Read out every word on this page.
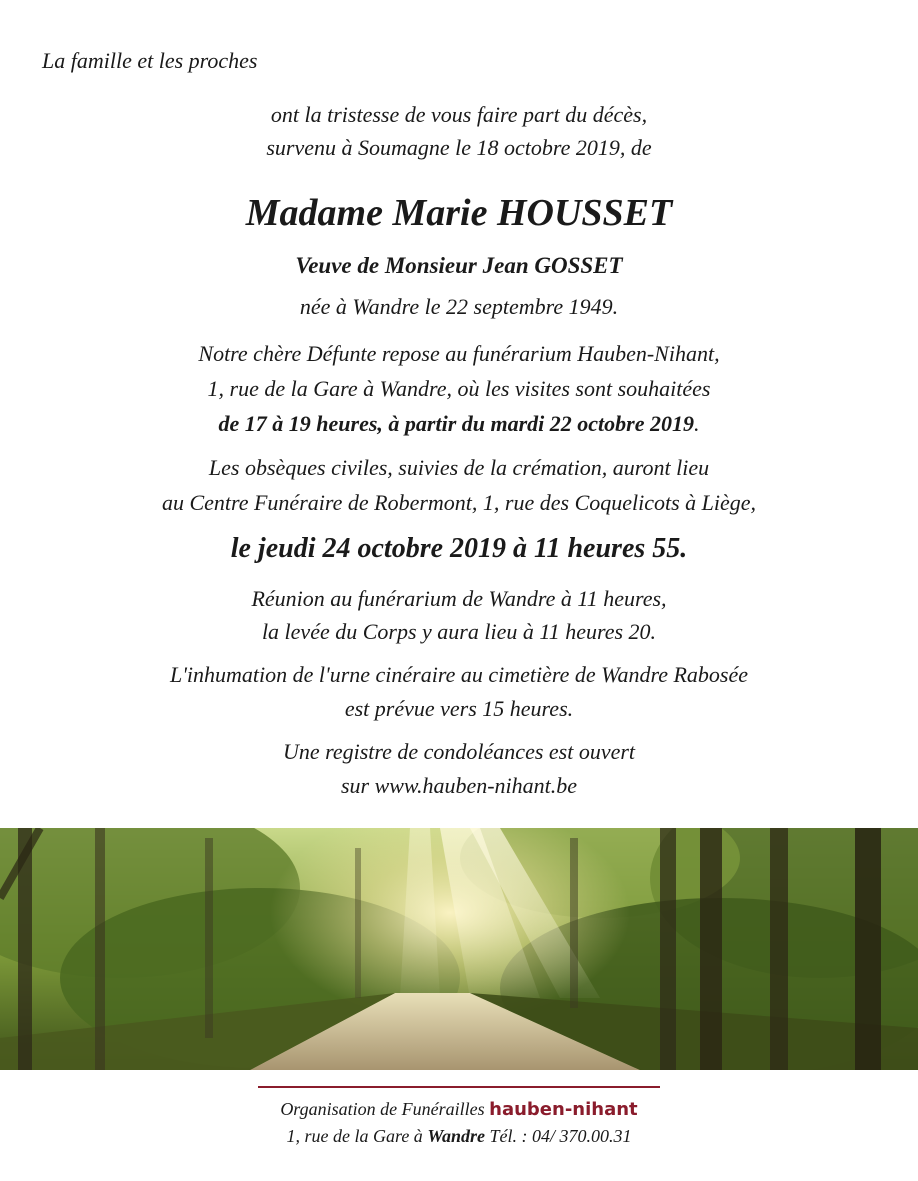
La famille et les proches
ont la tristesse de vous faire part du décès,
survenu à Soumagne le 18 octobre 2019, de
Madame Marie HOUSSET
Veuve de Monsieur Jean GOSSET
née à Wandre le 22 septembre 1949.
Notre chère Défunte repose au funérarium Hauben-Nihant,
1, rue de la Gare à Wandre, où les visites sont souhaitées
de 17 à 19 heures, à partir du mardi 22 octobre 2019.
Les obsèques civiles, suivies de la crémation, auront lieu
au Centre Funéraire de Robermont, 1, rue des Coquelicots à Liège,
le jeudi 24 octobre 2019 à 11 heures 55.
Réunion au funérarium de Wandre à 11 heures,
la levée du Corps y aura lieu à 11 heures 20.
L'inhumation de l'urne cinéraire au cimetière de Wandre Rabosée
est prévue vers 15 heures.
Une registre de condoléances est ouvert
sur www.hauben-nihant.be
Organisation de Funérailles hauben-nihant
1, rue de la Gare à Wandre Tél. : 04/ 370.00.31
